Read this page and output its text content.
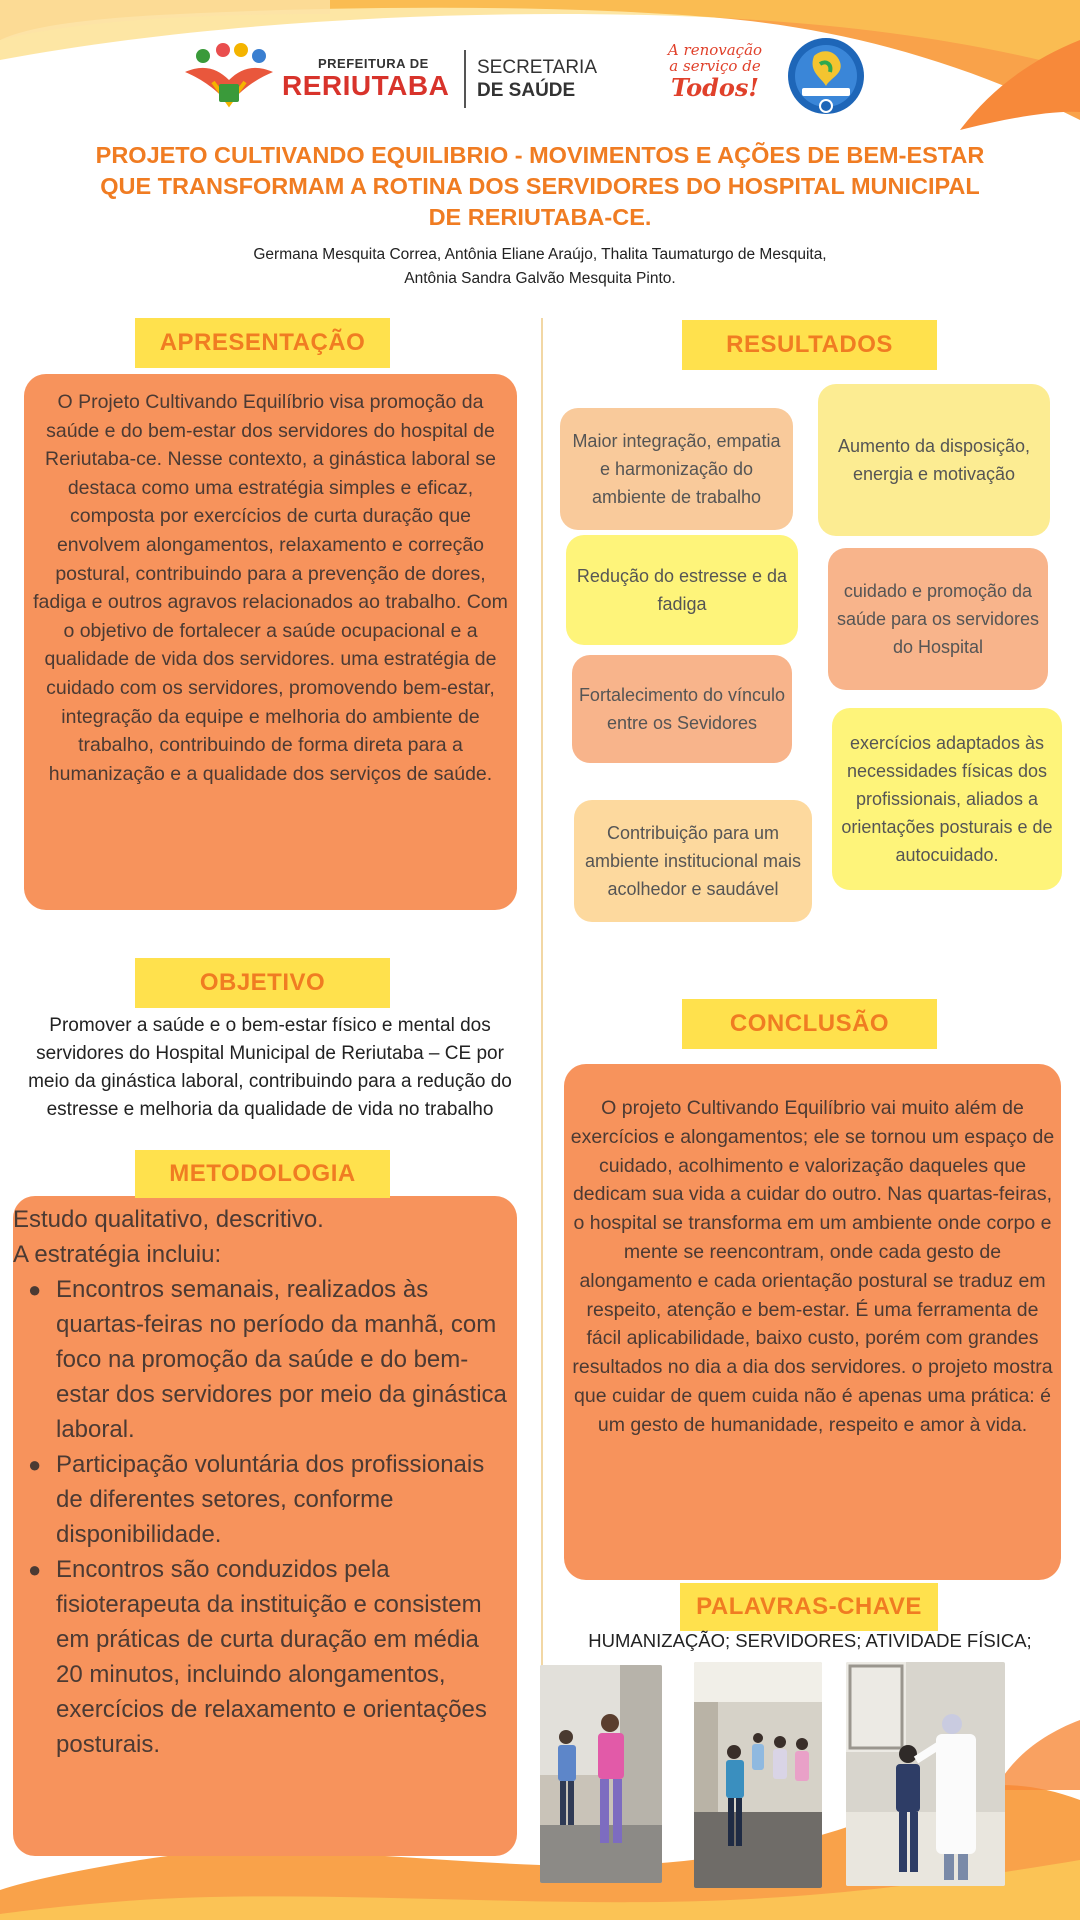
PREFEITURA DE
RERIUTABA
SECRETARIA
DE SAÚDE
A renovação
a serviço de
Todos!
PROJETO CULTIVANDO EQUILIBRIO - MOVIMENTOS E AÇÕES DE BEM-ESTAR
QUE TRANSFORMAM A ROTINA DOS SERVIDORES DO HOSPITAL MUNICIPAL
DE RERIUTABA-CE.
Germana Mesquita Correa, Antônia Eliane Araújo, Thalita Taumaturgo de Mesquita,
Antônia Sandra Galvão Mesquita Pinto.
APRESENTAÇÃO
O Projeto Cultivando Equilíbrio visa promoção da saúde e do bem-estar dos servidores do hospital de Reriutaba-ce. Nesse contexto, a ginástica laboral se destaca como uma estratégia simples e eficaz, composta por exercícios de curta duração que envolvem alongamentos, relaxamento e correção postural, contribuindo para a prevenção de dores, fadiga e outros agravos relacionados ao trabalho. Com o objetivo de fortalecer a saúde ocupacional e a qualidade de vida dos servidores. uma estratégia de cuidado com os servidores, promovendo bem-estar, integração da equipe e melhoria do ambiente de trabalho, contribuindo de forma direta para a humanização e a qualidade dos serviços de saúde.
OBJETIVO
Promover a saúde e o bem-estar físico e mental dos servidores do Hospital Municipal de Reriutaba – CE por meio da ginástica laboral, contribuindo para a redução do estresse e melhoria da qualidade de vida no trabalho
Estudo qualitativo, descritivo.
A estratégia incluiu:
● Encontros semanais, realizados às quartas-feiras no período da manhã, com foco na promoção da saúde e do bem-estar dos servidores por meio da ginástica laboral.
● Participação voluntária dos profissionais de diferentes setores, conforme disponibilidade.
● Encontros são conduzidos pela fisioterapeuta da instituição e consistem em práticas de curta duração em média 20 minutos, incluindo alongamentos, exercícios de relaxamento e orientações posturais.
METODOLOGIA
RESULTADOS
Maior integração, empatia e harmonização do ambiente de trabalho
Aumento da disposição, energia e motivação
Redução do estresse e da fadiga
cuidado e promoção da saúde para os servidores do Hospital
Fortalecimento do vínculo entre os Sevidores
exercícios adaptados às necessidades físicas dos profissionais, aliados a orientações posturais e de autocuidado.
Contribuição para um ambiente institucional mais acolhedor e saudável
CONCLUSÃO
O projeto Cultivando Equilíbrio vai muito além de exercícios e alongamentos; ele se tornou um espaço de cuidado, acolhimento e valorização daqueles que dedicam sua vida a cuidar do outro. Nas quartas-feiras, o hospital se transforma em um ambiente onde corpo e mente se reencontram, onde cada gesto de alongamento e cada orientação postural se traduz em respeito, atenção e bem-estar. É uma ferramenta de fácil aplicabilidade, baixo custo, porém com grandes resultados no dia a dia dos servidores. o projeto mostra que cuidar de quem cuida não é apenas uma prática: é um gesto de humanidade, respeito e amor à vida.
PALAVRAS-CHAVE
HUMANIZAÇÃO; SERVIDORES; ATIVIDADE FÍSICA;
